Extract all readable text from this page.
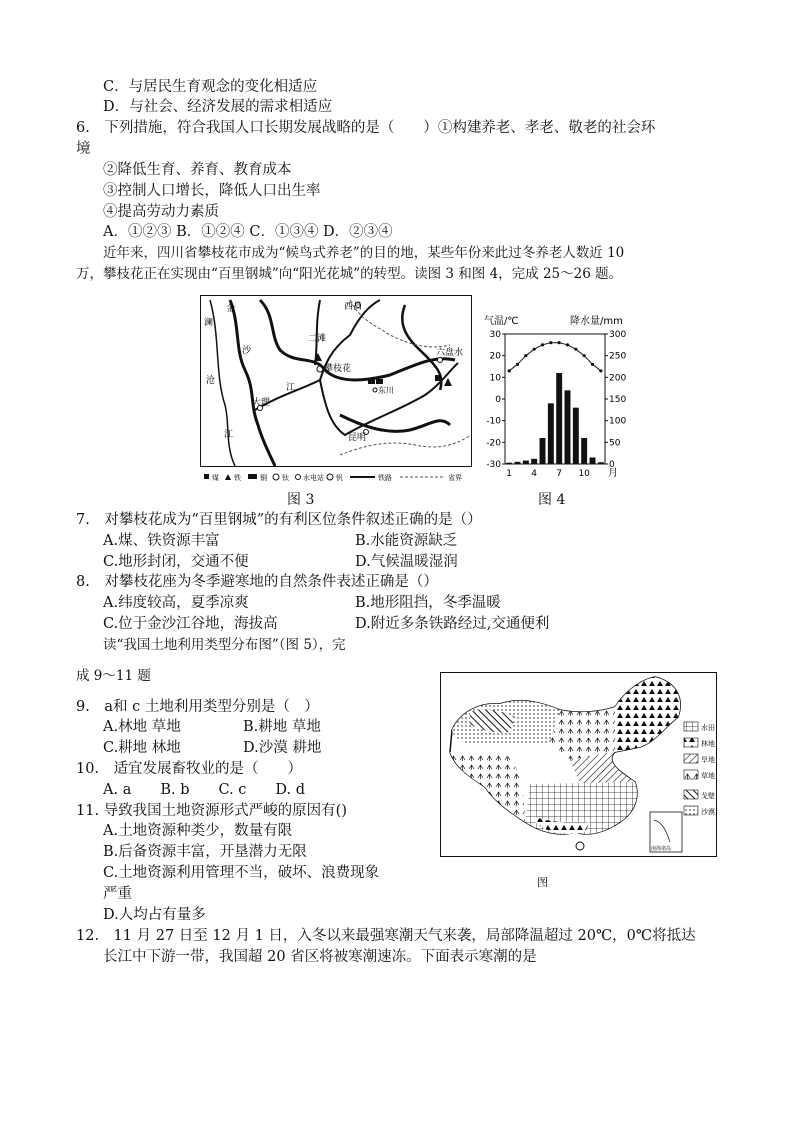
C．与居民生育观念的变化相适应
D．与社会、经济发展的需求相适应
6.　下列措施，符合我国人口长期发展战略的是（　　）①构建养老、孝老、敬老的社会环
境
②降低生育、养育、教育成本
③控制人口增长，降低人口出生率
④提高劳动力素质
A．①②③ B．①②④ C．①③④ D．②③④
近年来，四川省攀枝花市成为“候鸟式养老”的目的地，某些年份来此过冬养老人数近 10
万，攀枝花正在实现由“百里钢城”向“阳光花城”的转型。读图 3 和图 4，完成 25～26 题。
金
澜
沙
沧
江
江
西昌
二滩
攀枝花
东川
六盘水
大理
昆明
煤 铁	铜 钛 水电站 钒	铁路	省界
图 3
气温/℃	降水量/mm
30
20
10
0
-10
-20
-30
300
250
200
150
100
50
0
1 4 7 10 月
图 4
7.　对攀枝花成为“百里钢城”的有利区位条件叙述正确的是（）
A.煤、铁资源丰富	B.水能资源缺乏
C.地形封闭，交通不便	D.气候温暖湿润
8.　对攀枝花座为冬季避寒地的自然条件表述正确是（）
A.纬度较高，夏季凉爽	B.地形阻挡，冬季温暖
C.位于金沙江谷地，海拔高	D.附近多条铁路经过,交通便利
读“我国土地利用类型分布图”（图 5），完
成 9～11 题
9.　a和 c 土地利用类型分别是（　）
A.林地 草地	B.耕地 草地
C.耕地 林地	D.沙漠 耕地
10.　适宜发展畜牧业的是（　　）
A. a　　B. b　　C. c　　D. d
11. 导致我国土地资源形式严峻的原因有()
A.土地资源种类少，数量有限
B.后备资源丰富，开垦潜力无限
C.土地资源利用管理不当，破坏、浪费现象
严重
D.人均占有量多
南海诸岛
水田
林地
旱地
草地
戈壁
沙漠
图
12.　11 月 27 日至 12 月 1 日，入冬以来最强寒潮天气来袭，局部降温超过 20℃，0℃将抵达
长江中下游一带，我国超 20 省区将被寒潮速冻。下面表示寒潮的是
